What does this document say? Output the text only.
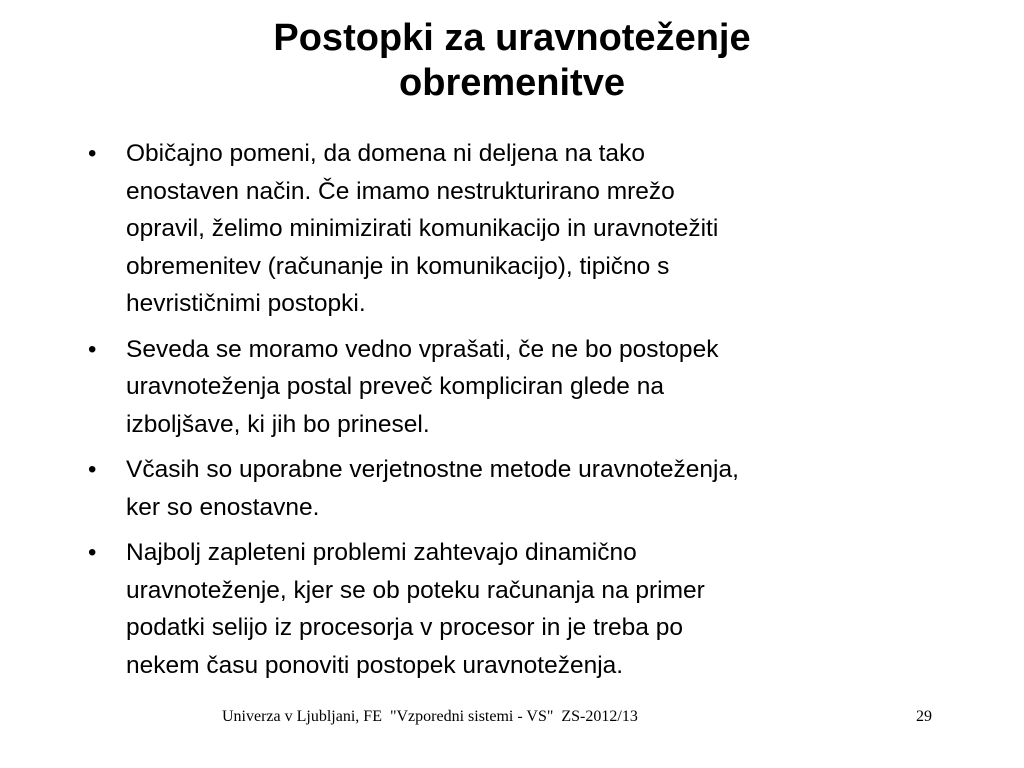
Postopki za uravnoteženje
obremenitve
• Običajno pomeni, da domena ni deljena na tako
enostaven način. Če imamo nestrukturirano mrežo
opravil, želimo minimizirati komunikacijo in uravnotežiti
obremenitev (računanje in komunikacijo), tipično s
hevrističnimi postopki.
• Seveda se moramo vedno vprašati, če ne bo postopek
uravnoteženja postal preveč kompliciran glede na
izboljšave, ki jih bo prinesel.
• Včasih so uporabne verjetnostne metode uravnoteženja,
ker so enostavne.
• Najbolj zapleteni problemi zahtevajo dinamično
uravnoteženje, kjer se ob poteku računanja na primer
podatki selijo iz procesorja v procesor in je treba po
nekem času ponoviti postopek uravnoteženja.
Univerza v Ljubljani, FE  "Vzporedni sistemi - VS"  ZS-2012/13	29
